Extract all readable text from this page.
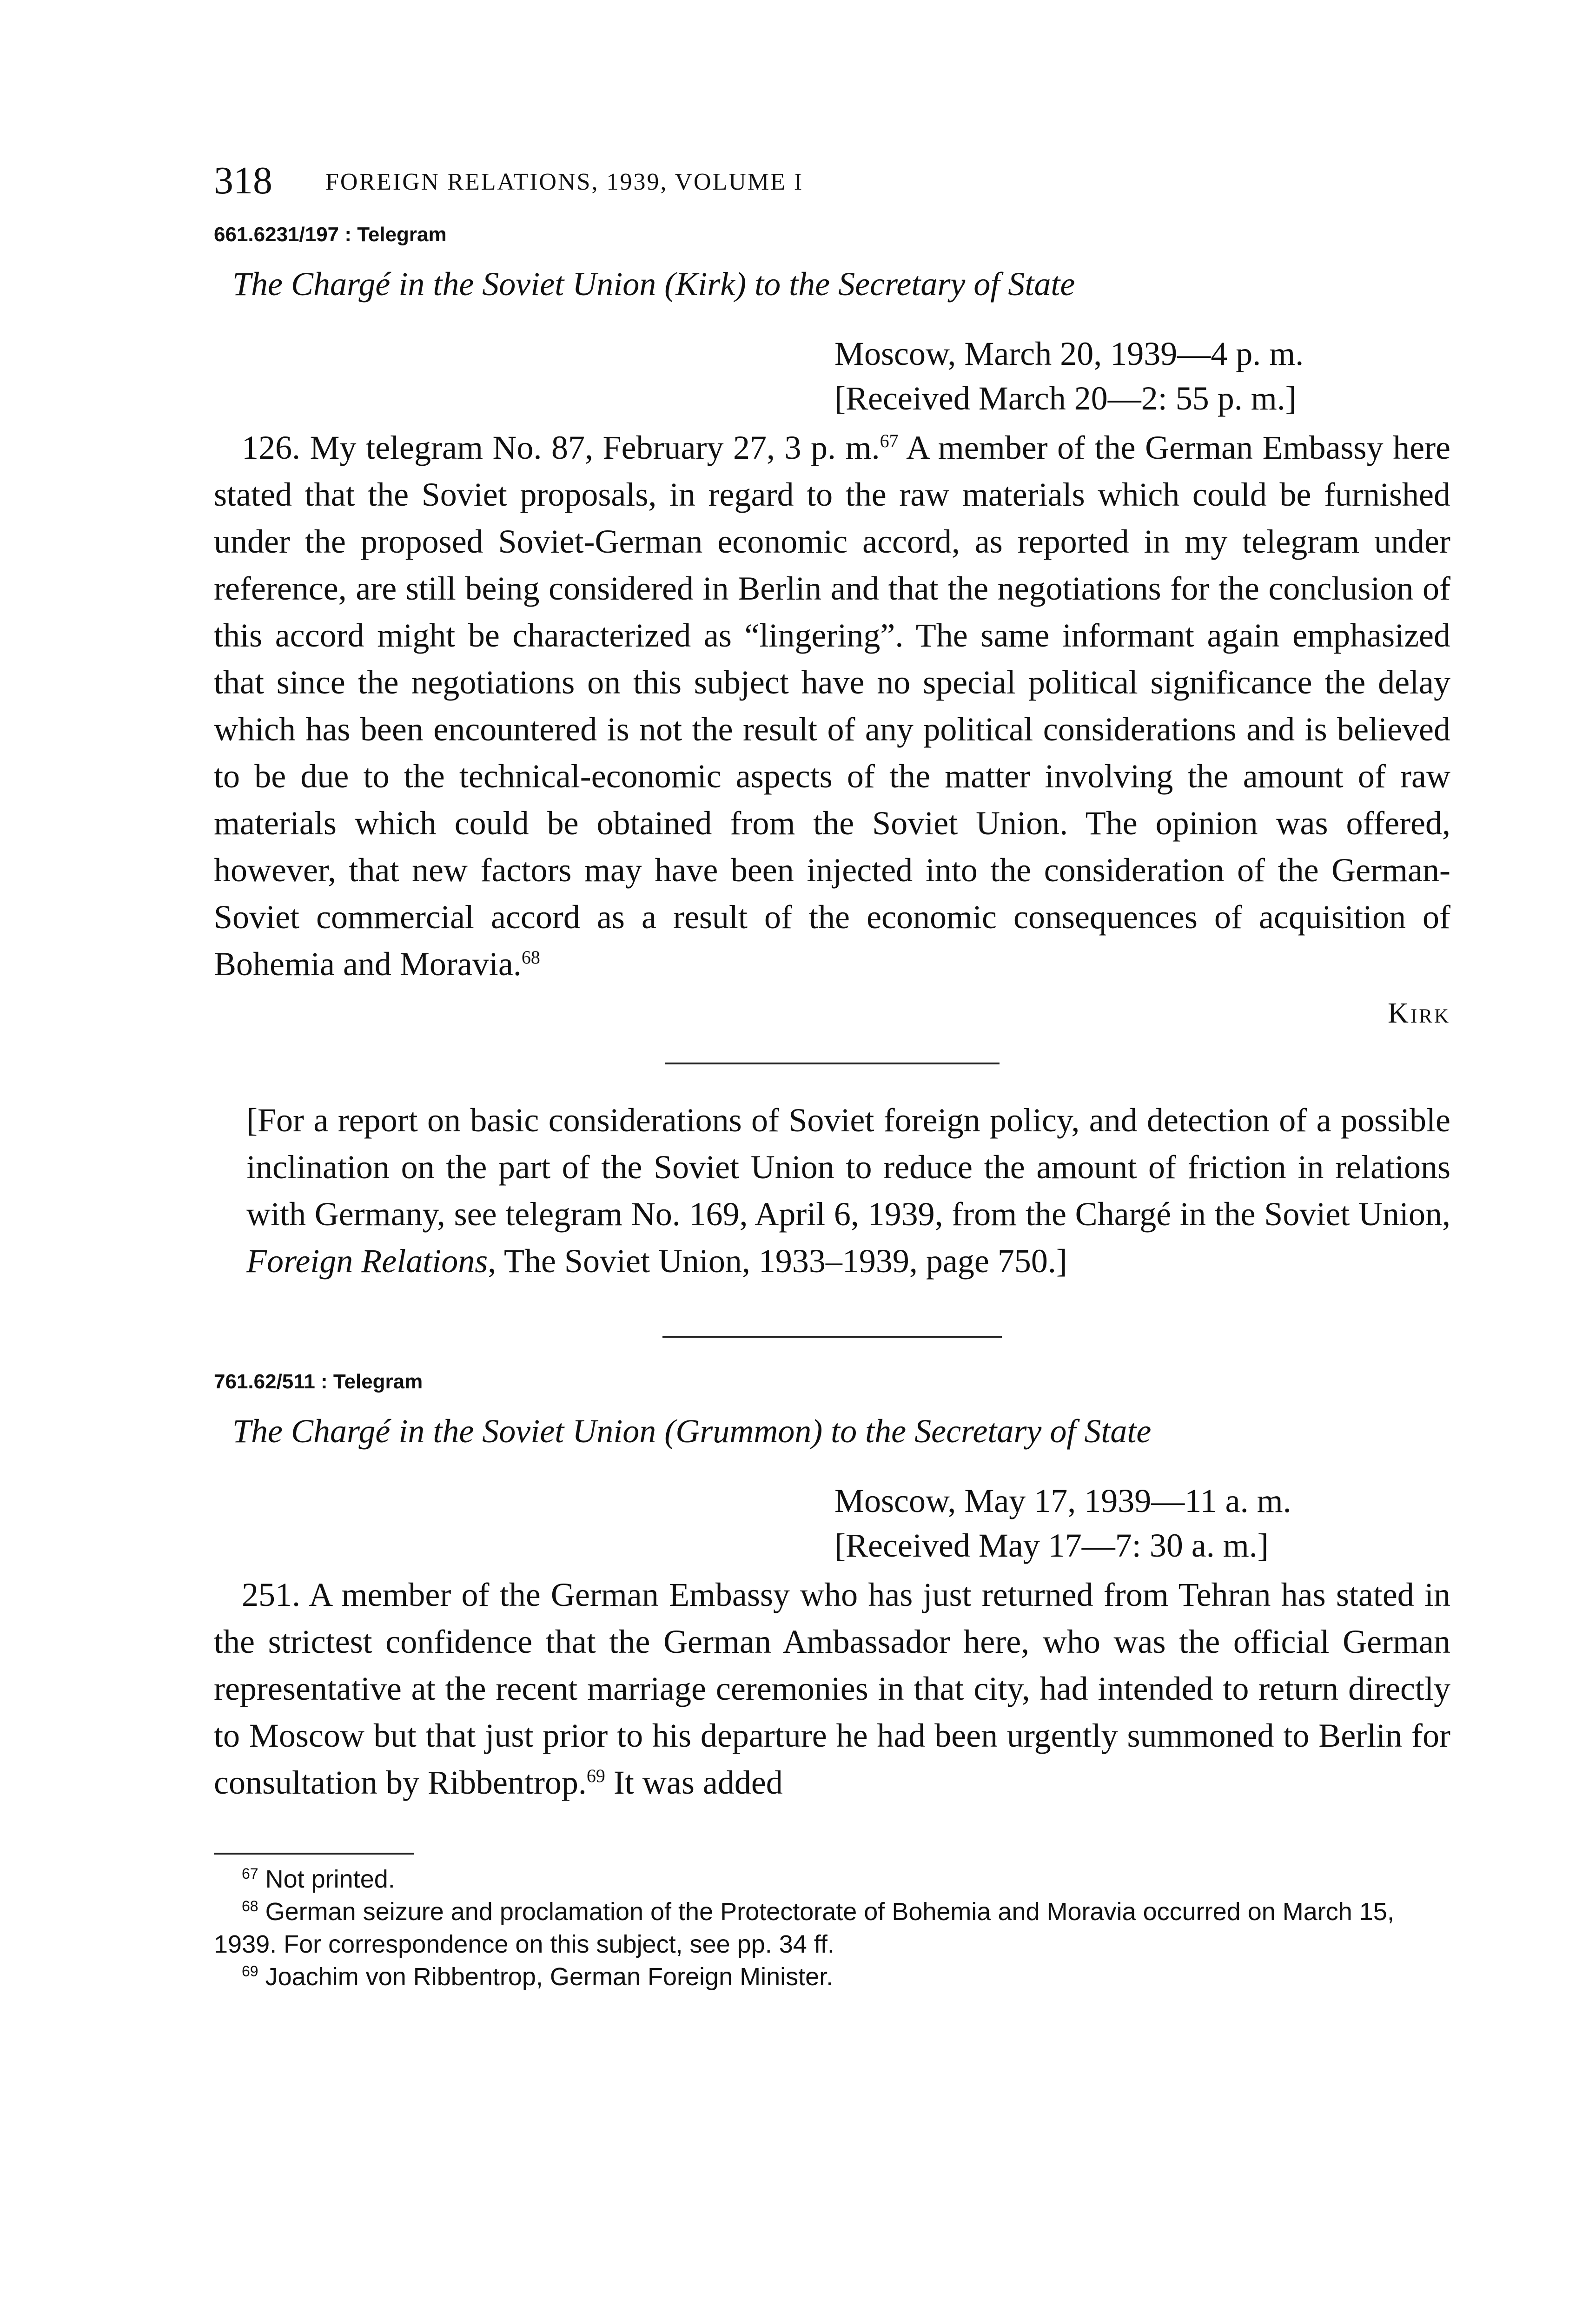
318 FOREIGN RELATIONS, 1939, VOLUME I
661.6231/197 : Telegram
The Chargé in the Soviet Union (Kirk) to the Secretary of State
Moscow, March 20, 1939—4 p. m.
[Received March 20—2: 55 p. m.]
126. My telegram No. 87, February 27, 3 p. m.$^{67}$ A member of the German Embassy here stated that the Soviet proposals, in regard to the raw materials which could be furnished under the proposed Soviet-German economic accord, as reported in my telegram under reference, are still being considered in Berlin and that the negotiations for the conclusion of this accord might be characterized as “lingering”. The same informant again emphasized that since the negotiations on this subject have no special political significance the delay which has been encountered is not the result of any political considerations and is believed to be due to the technical-economic aspects of the matter involving the amount of raw materials which could be obtained from the Soviet Union. The opinion was offered, however, that new factors may have been injected into the consideration of the German-Soviet commercial accord as a result of the economic consequences of acquisition of Bohemia and Moravia.$^{68}$
Kirk
[For a report on basic considerations of Soviet foreign policy, and detection of a possible inclination on the part of the Soviet Union to reduce the amount of friction in relations with Germany, see telegram No. 169, April 6, 1939, from the Chargé in the Soviet Union, Foreign Relations, The Soviet Union, 1933–1939, page 750.]
761.62/511 : Telegram
The Chargé in the Soviet Union (Grummon) to the Secretary of State
Moscow, May 17, 1939—11 a. m.
[Received May 17—7: 30 a. m.]
251. A member of the German Embassy who has just returned from Tehran has stated in the strictest confidence that the German Ambassador here, who was the official German representative at the recent marriage ceremonies in that city, had intended to return directly to Moscow but that just prior to his departure he had been urgently summoned to Berlin for consultation by Ribbentrop.$^{69}$ It was added
$^{67}$ Not printed.
$^{68}$ German seizure and proclamation of the Protectorate of Bohemia and Moravia occurred on March 15, 1939. For correspondence on this subject, see pp. 34 ff.
$^{69}$ Joachim von Ribbentrop, German Foreign Minister.
